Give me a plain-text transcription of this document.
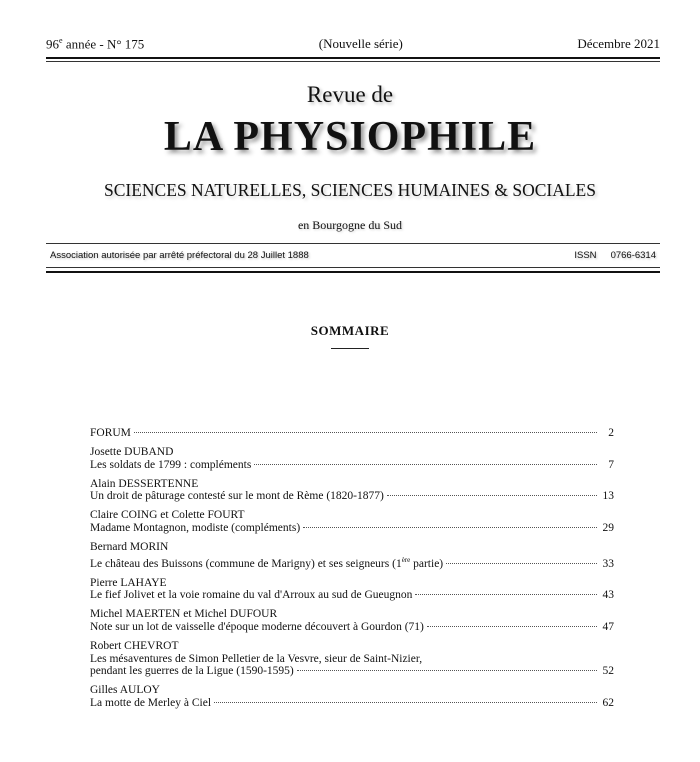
96e année - N° 175	(Nouvelle série)	Décembre 2021
Revue de
LA PHYSIOPHILE
SCIENCES NATURELLES, SCIENCES HUMAINES & SOCIALES
en Bourgogne du Sud
Association autorisée par arrêté préfectoral du 28 Juillet 1888	ISSN 0766-6314
SOMMAIRE
FORUM	2
Josette DUBAND
Les soldats de 1799 : compléments	7
Alain DESSERTENNE
Un droit de pâturage contesté sur le mont de Rème (1820-1877)	13
Claire COING et Colette FOURT
Madame Montagnon, modiste (compléments)	29
Bernard MORIN
Le château des Buissons (commune de Marigny) et ses seigneurs (1ère partie)	33
Pierre LAHAYE
Le fief Jolivet et la voie romaine du val d'Arroux au sud de Gueugnon	43
Michel MAERTEN et Michel DUFOUR
Note sur un lot de vaisselle d'époque moderne découvert à Gourdon (71)	47
Robert CHEVROT
Les mésaventures de Simon Pelletier de la Vesvre, sieur de Saint-Nizier,
pendant les guerres de la Ligue (1590-1595)	52
Gilles AULOY
La motte de Merley à Ciel	62
